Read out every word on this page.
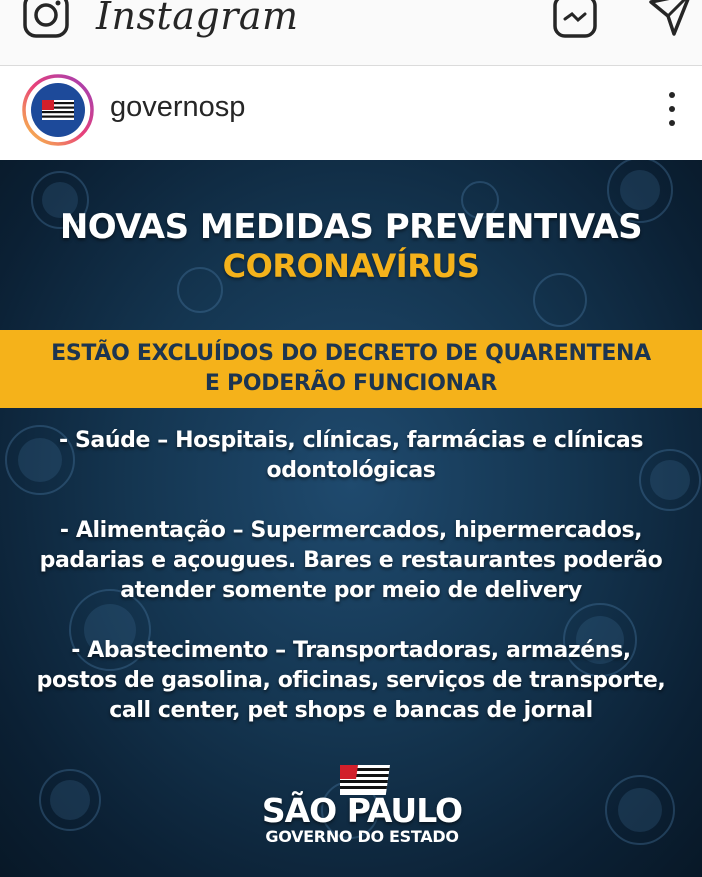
Instagram
governosp
NOVAS MEDIDAS PREVENTIVAS
CORONAVÍRUS
ESTÃO EXCLUÍDOS DO DECRETO DE QUARENTENA
E PODERÃO FUNCIONAR
- Saúde – Hospitais, clínicas, farmácias e clínicas
odontológicas
- Alimentação – Supermercados, hipermercados,
padarias e açougues. Bares e restaurantes poderão
atender somente por meio de delivery
- Abastecimento – Transportadoras, armazéns,
postos de gasolina, oficinas, serviços de transporte,
call center, pet shops e bancas de jornal
SÃO PAULO
GOVERNO DO ESTADO
